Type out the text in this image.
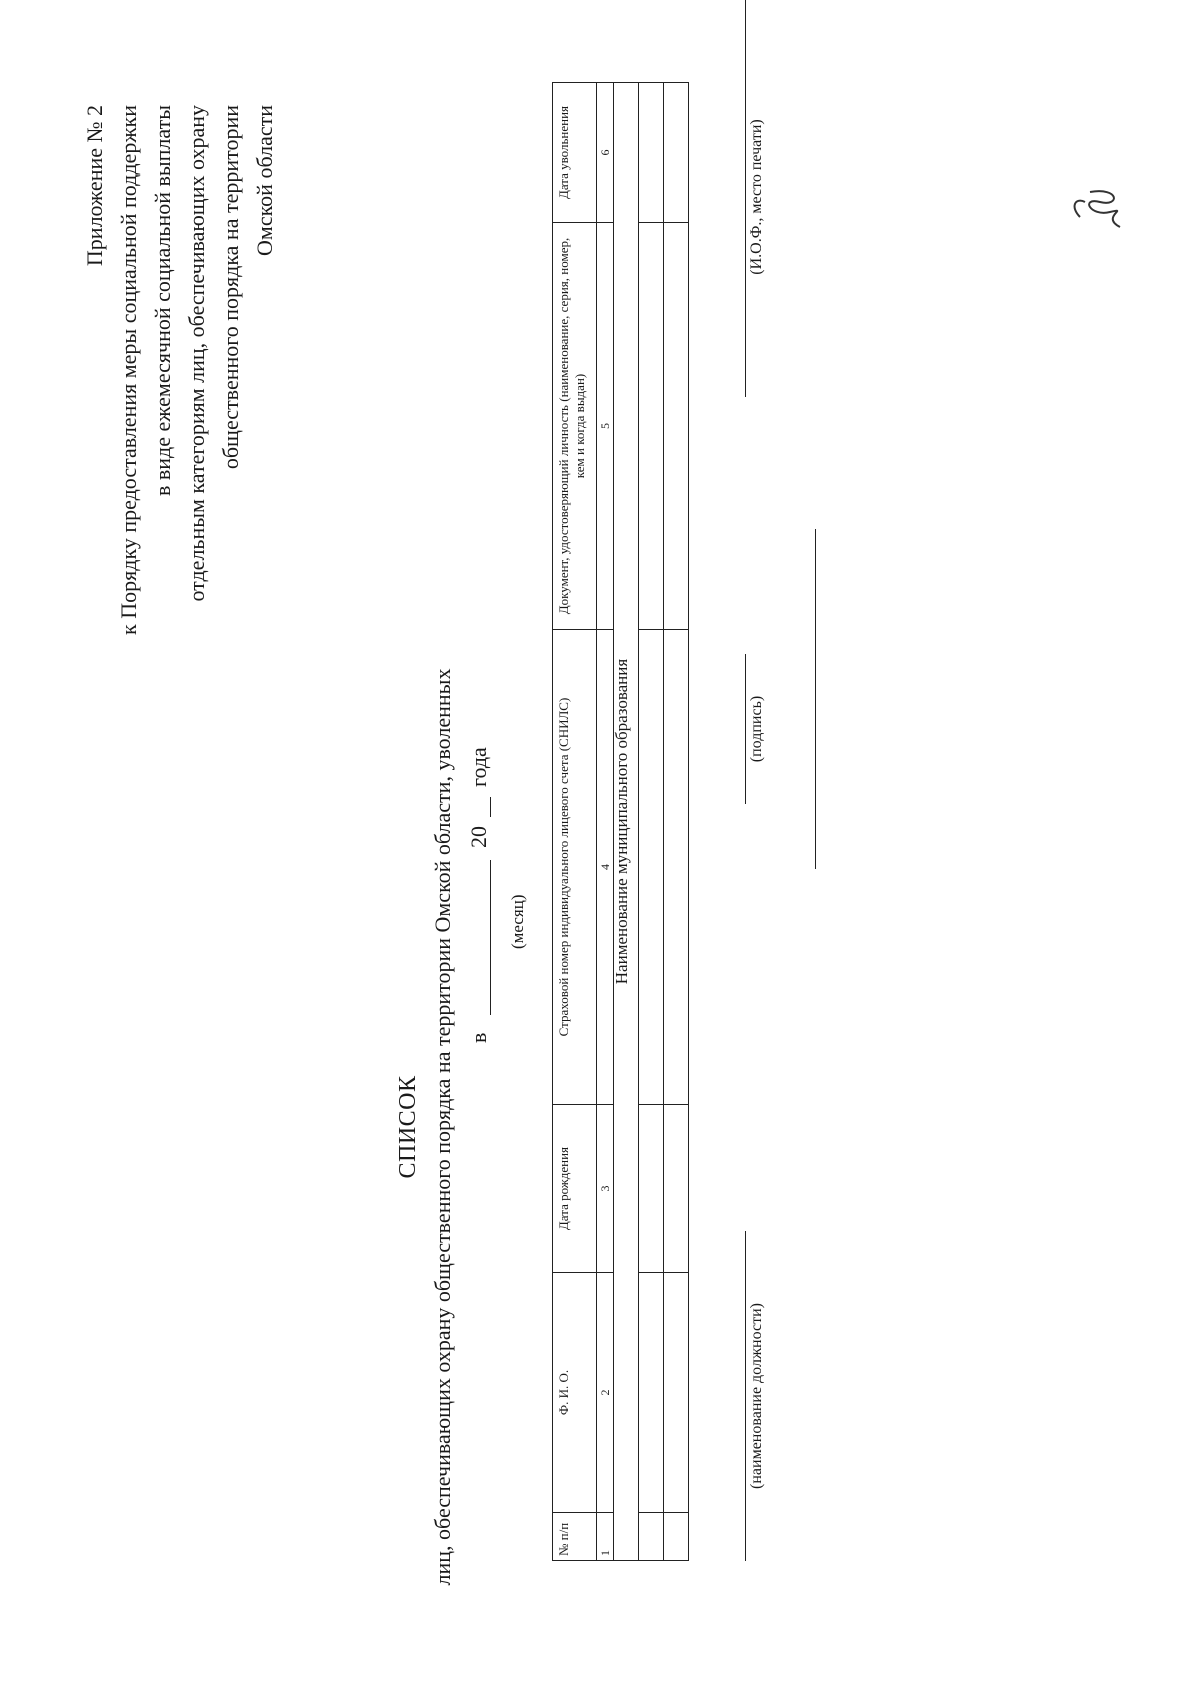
Приложение № 2 к Порядку предоставления меры социальной поддержки в виде ежемесячной социальной выплаты отдельным категориям лиц, обеспечивающих охрану общественного порядка на территории Омской области
СПИСОК лиц, обеспечивающих охрану общественного порядка на территории Омской области, уволенных в
20
года
(месяц)
№ п/п	Ф. И. О.	Дата рождения	Страховой номер индивидуального лицевого счета (СНИЛС)	Документ, удостоверяющий личность (наименование, серия, номер, кем и когда выдан)	Дата увольнения
1	2	3	4	5	6
Наименование муниципального образования					

(наименование должности)
(подпись)
(И.О.Ф., место печати)
